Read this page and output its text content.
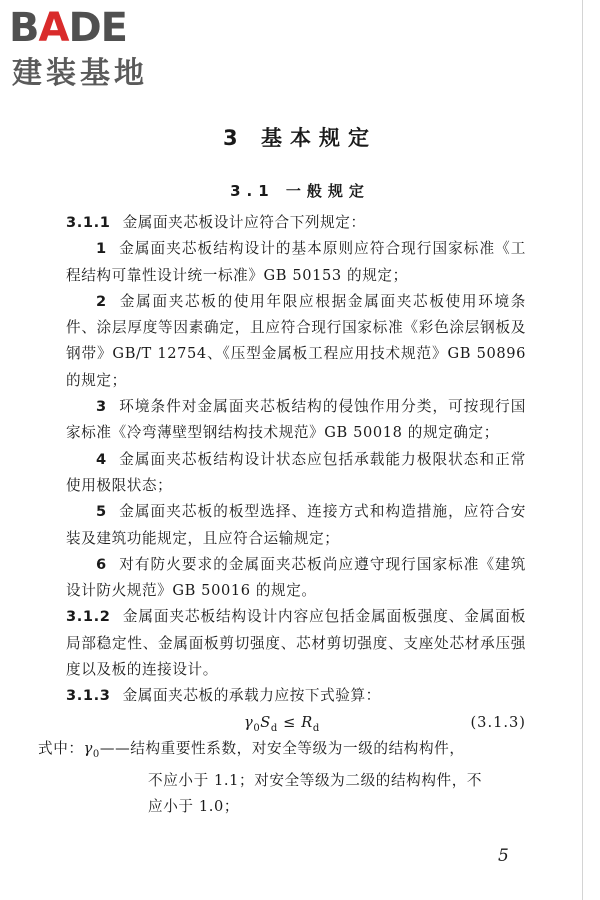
BADE
建装基地
3 基本规定
3.1 一般规定

3.1.1 金属面夹芯板设计应符合下列规定：

1 金属面夹芯板结构设计的基本原则应符合现行国家标准《工程结构可靠性设计统一标准》GB 50153 的规定；

2 金属面夹芯板的使用年限应根据金属面夹芯板使用环境条件、涂层厚度等因素确定，且应符合现行国家标准《彩色涂层钢板及钢带》GB/T 12754、《压型金属板工程应用技术规范》GB 50896 的规定；

3 环境条件对金属面夹芯板结构的侵蚀作用分类，可按现行国家标准《冷弯薄壁型钢结构技术规范》GB 50018 的规定确定；

4 金属面夹芯板结构设计状态应包括承载能力极限状态和正常使用极限状态；

5 金属面夹芯板的板型选择、连接方式和构造措施，应符合安装及建筑功能规定，且应符合运输规定；

6 对有防火要求的金属面夹芯板尚应遵守现行国家标准《建筑设计防火规范》GB 50016 的规定。

3.1.2 金属面夹芯板结构设计内容应包括金属面板强度、金属面板局部稳定性、金属面板剪切强度、芯材剪切强度、支座处芯材承压强度以及板的连接设计。

3.1.3 金属面夹芯板的承载力应按下式验算：

$\gamma_0S_d \le R_d$	(3.1.3)
式中：$\gamma_0——$结构重要性系数，对安全等级为一级的结构构件，
不应小于 1.1；对安全等级为二级的结构构件，不
应小于 1.0；
5
